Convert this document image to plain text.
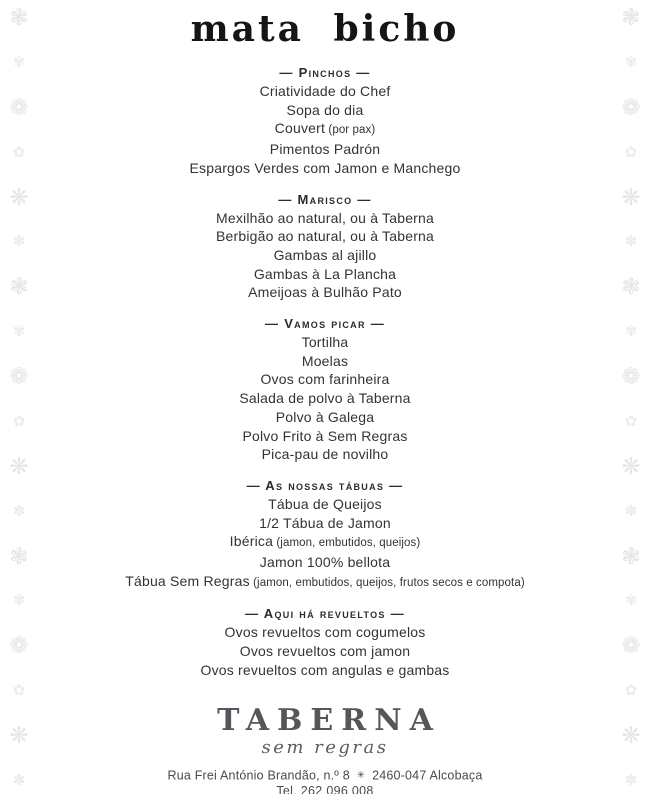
❃
✾
❁
✿
❋
✽
❃
✾
❁
✿
❋
✽
❃
✾
❁
✿
❋
✽
❃
✾
❁
✿
❋
✽
❃
✾
❁
✿
❋
✽
❃
✾
❁
✿
❋
✽
mata bicho
— Pinchos —
Criatividade do Chef
Sopa do dia
Couvert (por pax)
Pimentos Padrón
Espargos Verdes com Jamon e Manchego
— Marisco —
Mexilhão ao natural, ou à Taberna
Berbigão ao natural, ou à Taberna
Gambas al ajillo
Gambas à La Plancha
Ameijoas à Bulhão Pato
— Vamos picar —
Tortilha
Moelas
Ovos com farinheira
Salada de polvo à Taberna
Polvo à Galega
Polvo Frito à Sem Regras
Pica-pau de novilho
— As nossas tábuas —
Tábua de Queijos
1/2 Tábua de Jamon
Ibérica (jamon, embutidos, queijos)
Jamon 100% bellota
Tábua Sem Regras (jamon, embutidos, queijos, frutos secos e compota)
— Aqui há revueltos —
Ovos revueltos com cogumelos
Ovos revueltos com jamon
Ovos revueltos com angulas e gambas
TABERNA
sem regras
Rua Frei António Brandão, n.º 8 ✳ 2460-047 Alcobaça
Tel. 262 096 008
